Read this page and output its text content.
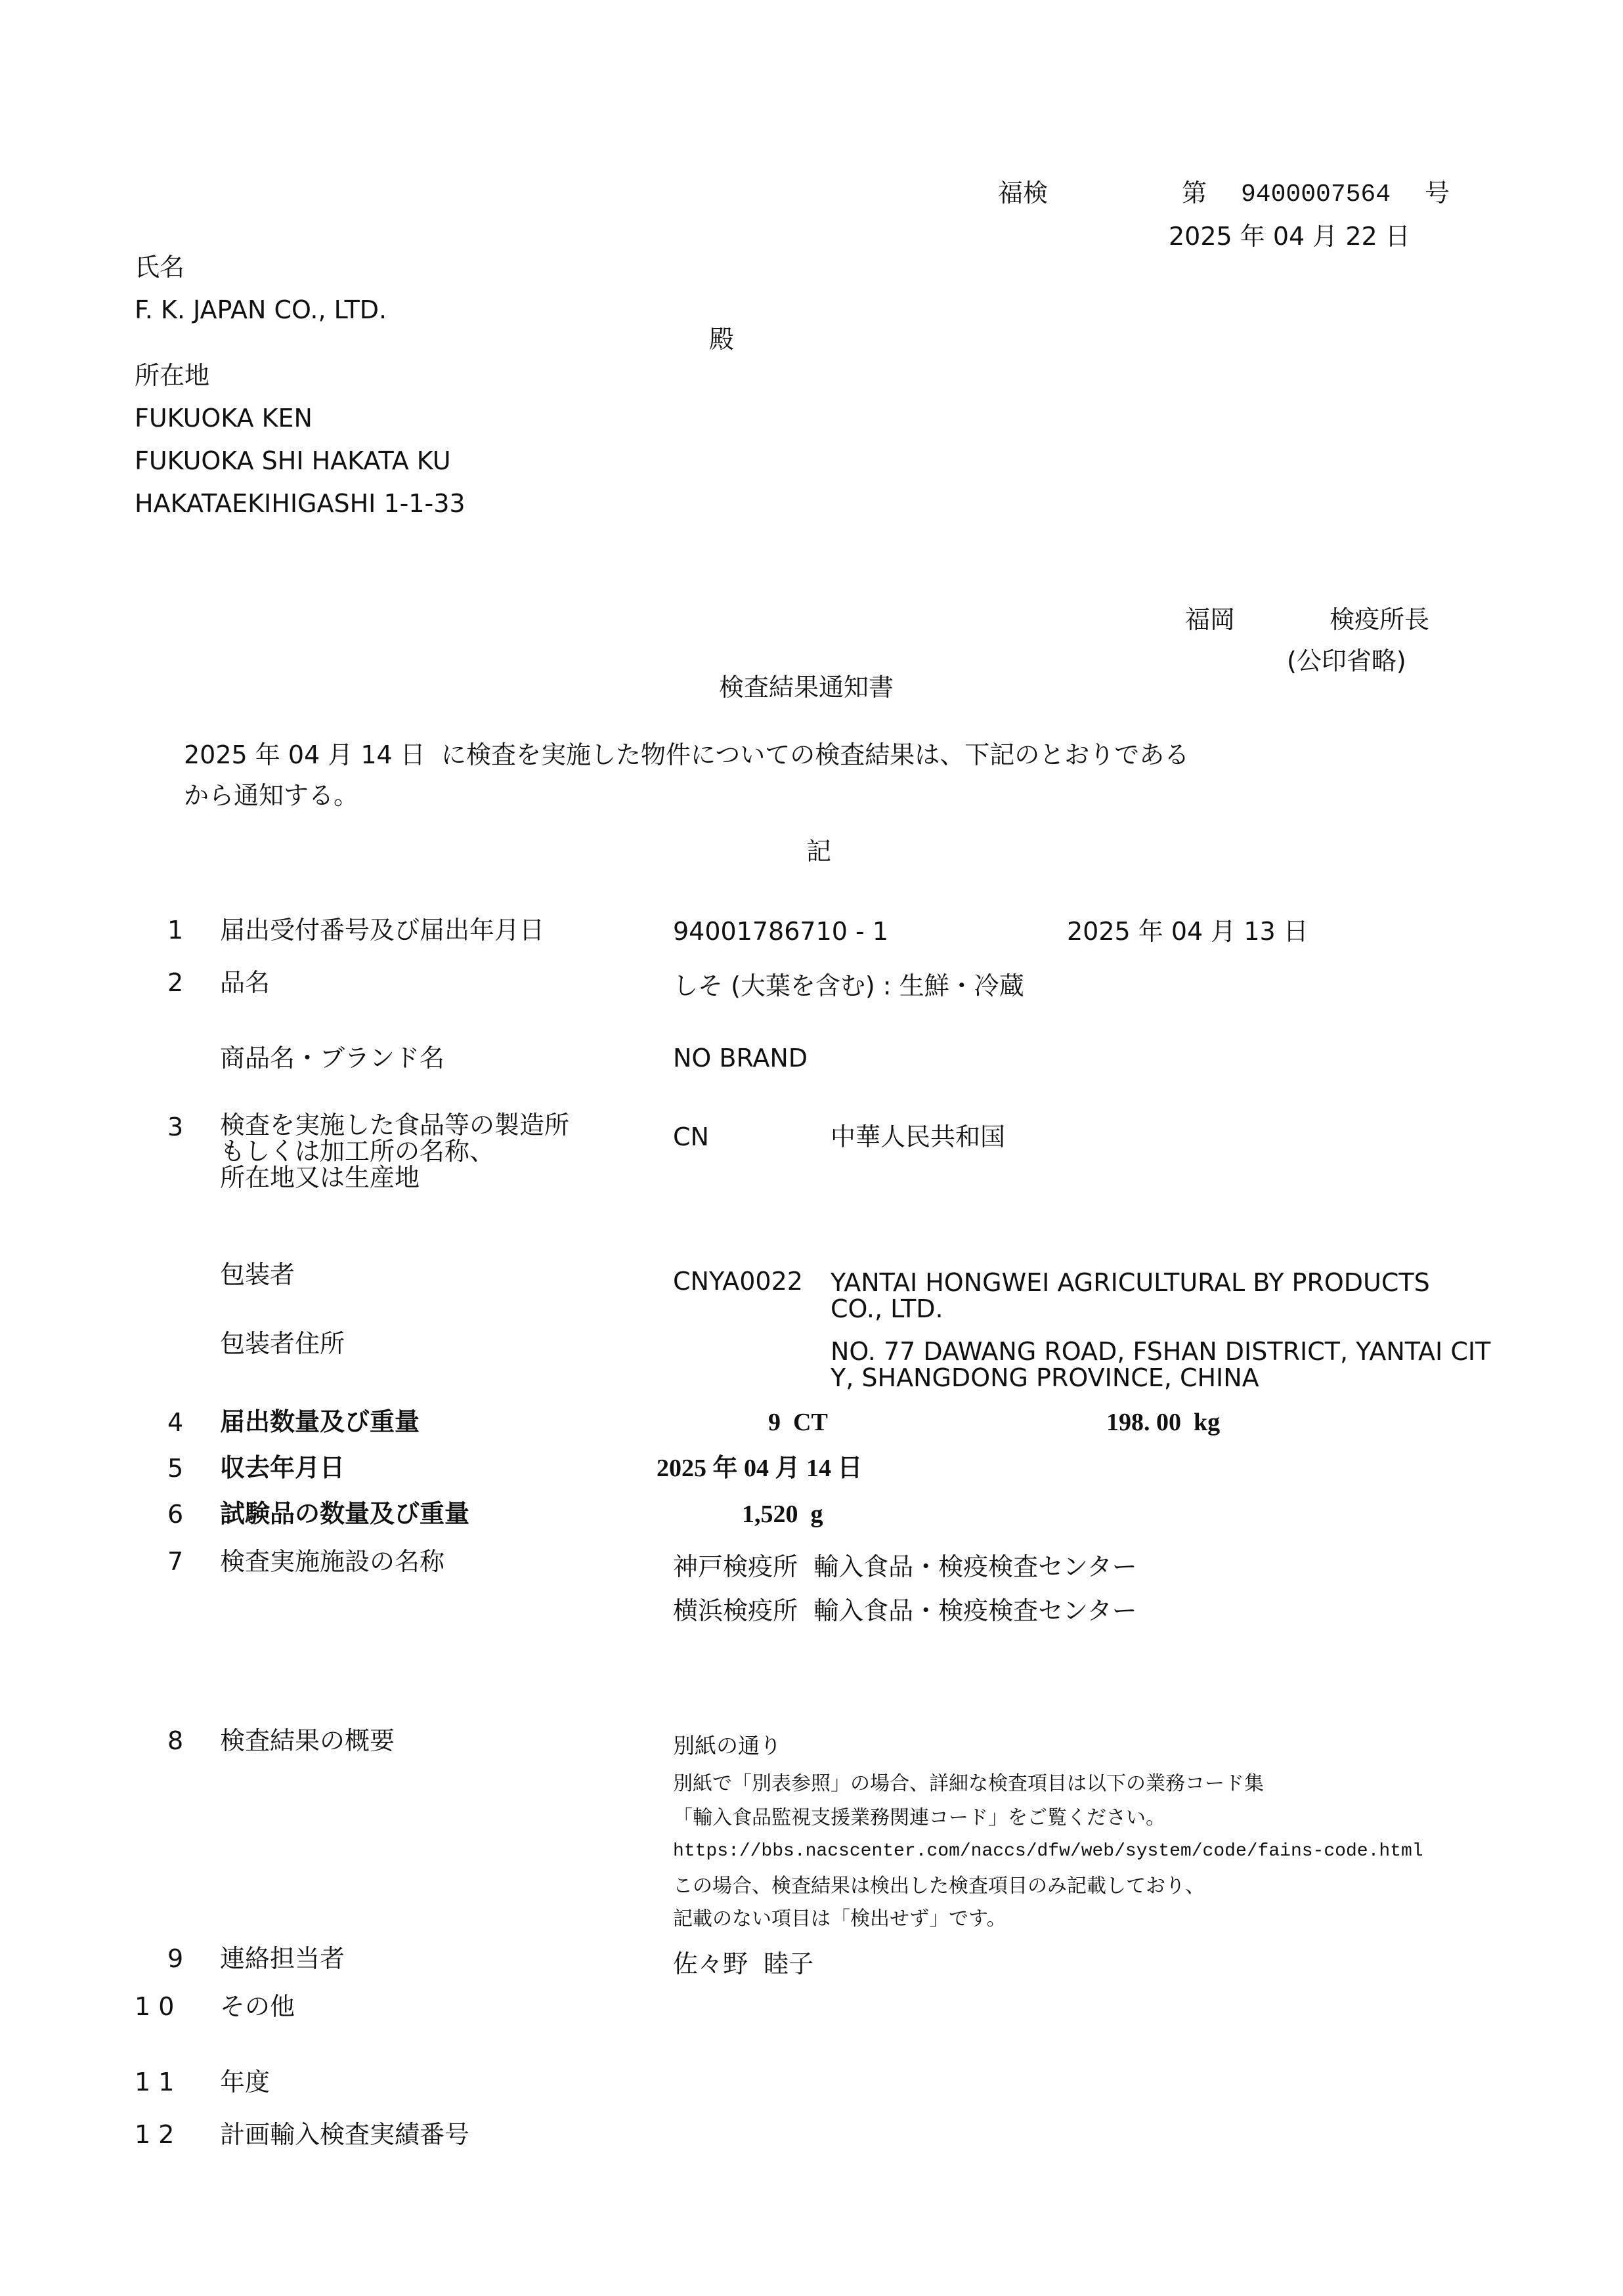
福検	第 9400007564 号
2025 年 04 月 22 日
氏名
F. K. JAPAN CO., LTD.
殿
所在地
FUKUOKA KEN
FUKUOKA SHI HAKATA KU
HAKATAEKIHIGASHI 1-1-33
福岡	検疫所長
(公印省略)
検査結果通知書
2025 年 04 月 14 日  に検査を実施した物件についての検査結果は、下記のとおりである
から通知する。
記
1 届出受付番号及び届出年月日	94001786710 - 1	2025 年 04 月 13 日
2 品名	しそ (大葉を含む) : 生鮮・冷蔵
商品名・ブランド名	NO BRAND
3 検査を実施した食品等の製造所
もしくは加工所の名称、
所在地又は生産地
CN	中華人民共和国
包装者	CNYA0022 YANTAI HONGWEI AGRICULTURAL BY PRODUCTS
CO., LTD.
包装者住所	NO. 77 DAWANG ROAD, FSHAN DISTRICT, YANTAI CIT
Y, SHANGDONG PROVINCE, CHINA
4 届出数量及び重量	9  CT	198. 00  kg
5 収去年月日	2025 年 04 月 14 日
6 試験品の数量及び重量	1,520  g
7 検査実施施設の名称	神戸検疫所  輸入食品・検疫検査センター
横浜検疫所  輸入食品・検疫検査センター
8 検査結果の概要	別紙の通り
別紙で「別表参照」の場合、詳細な検査項目は以下の業務コード集
「輸入食品監視支援業務関連コード」をご覧ください。
https://bbs.nacscenter.com/naccs/dfw/web/system/code/fains-code.html
この場合、検査結果は検出した検査項目のみ記載しており、
記載のない項目は「検出せず」です。
9 連絡担当者	佐々野  睦子
1 0 その他
1 1 年度
1 2 計画輸入検査実績番号
